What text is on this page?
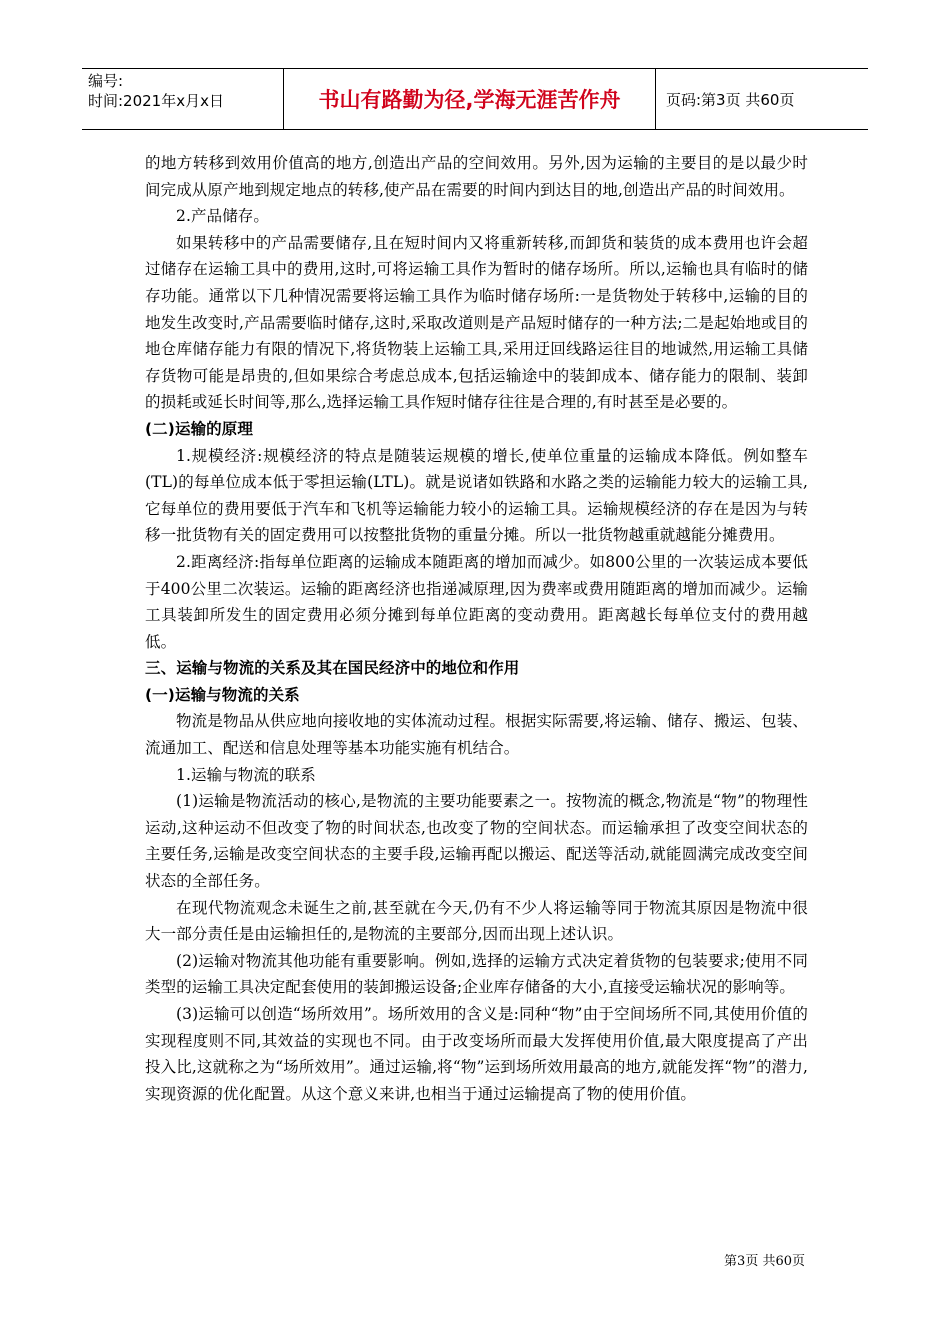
编号:
时间:2021年x月x日	书山有路勤为径,学海无涯苦作舟	页码:第3页 共60页

的地方转移到效用价值高的地方,创造出产品的空间效用。另外,因为运输的主要目的是以最少时间完成从原产地到规定地点的转移,使产品在需要的时间内到达目的地,创造出产品的时间效用。

2.产品储存。

如果转移中的产品需要储存,且在短时间内又将重新转移,而卸货和装货的成本费用也许会超过储存在运输工具中的费用,这时,可将运输工具作为暂时的储存场所。所以,运输也具有临时的储存功能。通常以下几种情况需要将运输工具作为临时储存场所:一是货物处于转移中,运输的目的地发生改变时,产品需要临时储存,这时,采取改道则是产品短时储存的一种方法;二是起始地或目的地仓库储存能力有限的情况下,将货物装上运输工具,采用迂回线路运往目的地诚然,用运输工具储存货物可能是昂贵的,但如果综合考虑总成本,包括运输途中的装卸成本、储存能力的限制、装卸的损耗或延长时间等,那么,选择运输工具作短时储存往往是合理的,有时甚至是必要的。

(二)运输的原理

1.规模经济:规模经济的特点是随装运规模的增长,使单位重量的运输成本降低。例如整车(TL)的每单位成本低于零担运输(LTL)。就是说诸如铁路和水路之类的运输能力较大的运输工具,它每单位的费用要低于汽车和飞机等运输能力较小的运输工具。运输规模经济的存在是因为与转移一批货物有关的固定费用可以按整批货物的重量分摊。所以一批货物越重就越能分摊费用。

2.距离经济:指每单位距离的运输成本随距离的增加而减少。如800公里的一次装运成本要低于400公里二次装运。运输的距离经济也指递减原理,因为费率或费用随距离的增加而减少。运输工具装卸所发生的固定费用必须分摊到每单位距离的变动费用。距离越长每单位支付的费用越低。

三、运输与物流的关系及其在国民经济中的地位和作用

(一)运输与物流的关系

物流是物品从供应地向接收地的实体流动过程。根据实际需要,将运输、储存、搬运、包装、流通加工、配送和信息处理等基本功能实施有机结合。

1.运输与物流的联系

(1)运输是物流活动的核心,是物流的主要功能要素之一。按物流的概念,物流是“物”的物理性运动,这种运动不但改变了物的时间状态,也改变了物的空间状态。而运输承担了改变空间状态的主要任务,运输是改变空间状态的主要手段,运输再配以搬运、配送等活动,就能圆满完成改变空间状态的全部任务。

在现代物流观念未诞生之前,甚至就在今天,仍有不少人将运输等同于物流其原因是物流中很大一部分责任是由运输担任的,是物流的主要部分,因而出现上述认识。

(2)运输对物流其他功能有重要影响。例如,选择的运输方式决定着货物的包装要求;使用不同类型的运输工具决定配套使用的装卸搬运设备;企业库存储备的大小,直接受运输状况的影响等。

(3)运输可以创造“场所效用”。场所效用的含义是:同种“物”由于空间场所不同,其使用价值的实现程度则不同,其效益的实现也不同。由于改变场所而最大发挥使用价值,最大限度提高了产出投入比,这就称之为“场所效用”。通过运输,将“物”运到场所效用最高的地方,就能发挥“物”的潜力,实现资源的优化配置。从这个意义来讲,也相当于通过运输提高了物的使用价值。

第3页 共60页
